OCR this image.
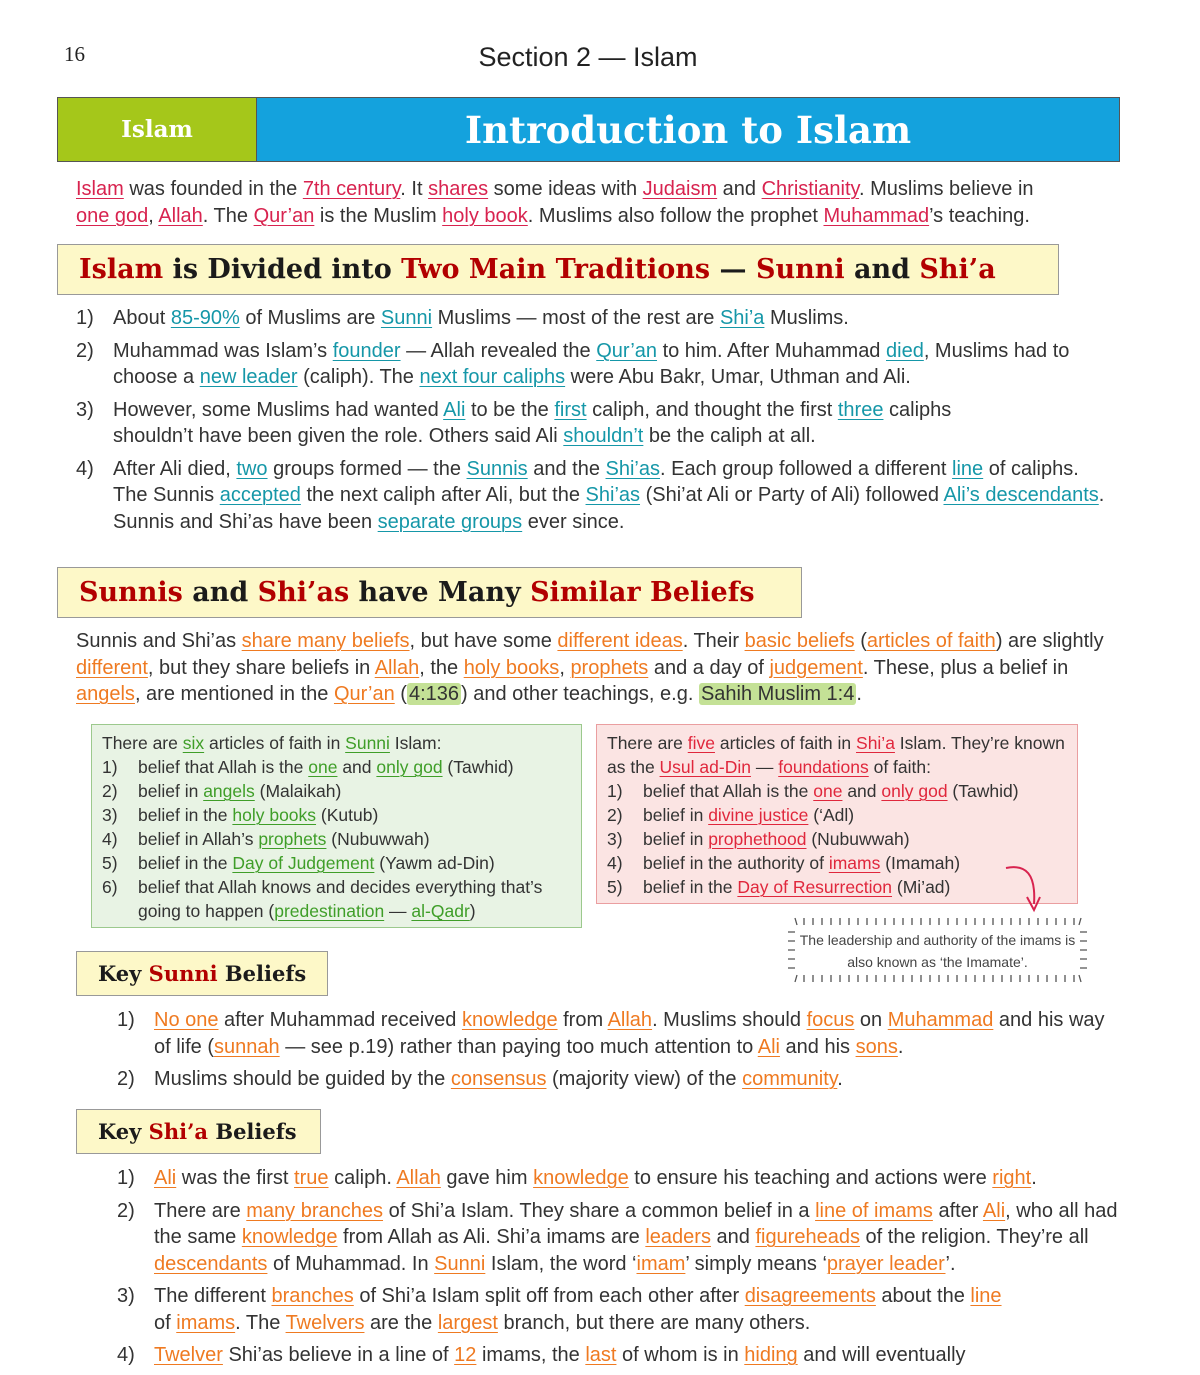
16	Section 2 — Islam
Islam	Introduction to Islam

Islam was founded in the 7th century. It shares some ideas with Judaism and Christianity. Muslims believe in
one god, Allah. The Qur’an is the Muslim holy book. Muslims also follow the prophet Muhammad’s teaching.

Islam is Divided into Two Main Traditions — Sunni and Shi’a
1) About 85-90% of Muslims are Sunni Muslims — most of the rest are Shi’a Muslims.
2) Muhammad was Islam’s founder — Allah revealed the Qur’an to him. After Muhammad died, Muslims had to choose a new leader (caliph). The next four caliphs were Abu Bakr, Umar, Uthman and Ali.
3) However, some Muslims had wanted Ali to be the first caliph, and thought the first three caliphs shouldn’t have been given the role. Others said Ali shouldn’t be the caliph at all.
4) After Ali died, two groups formed — the Sunnis and the Shi’as. Each group followed a different line of caliphs. The Sunnis accepted the next caliph after Ali, but the Shi’as (Shi’at Ali or Party of Ali) followed Ali’s descendants. Sunnis and Shi’as have been separate groups ever since.
Sunnis and Shi’as have Many Similar Beliefs

Sunnis and Shi’as share many beliefs, but have some different ideas. Their basic beliefs (articles of faith) are slightly different, but they share beliefs in Allah, the holy books, prophets and a day of judgement. These, plus a belief in angels, are mentioned in the Qur’an ( 4:136 ) and other teachings, e.g. Sahih Muslim 1:4 .

There are six articles of faith in Sunni Islam:

1) belief that Allah is the one and only god (Tawhid)
2) belief in angels (Malaikah)
3) belief in the holy books (Kutub)
4) belief in Allah’s prophets (Nubuwwah)
5) belief in the Day of Judgement (Yawm ad-Din)
6) belief that Allah knows and decides everything that’s going to happen (predestination — al-Qadr)

There are five articles of faith in Shi’a Islam. They’re known as the Usul ad-Din — foundations of faith:

1) belief that Allah is the one and only god (Tawhid)
2) belief in divine justice (‘Adl)
3) belief in prophethood (Nubuwwah)
4) belief in the authority of imams (Imamah)
5) belief in the Day of Resurrection (Mi’ad)
The leadership and authority of the imams is also known as ‘the Imamate’.
Key Sunni Beliefs
1) No one after Muhammad received knowledge from Allah. Muslims should focus on Muhammad and his way of life (sunnah — see p.19) rather than paying too much attention to Ali and his sons.
2) Muslims should be guided by the consensus (majority view) of the community.
Key Shi’a Beliefs
1) Ali was the first true caliph. Allah gave him knowledge to ensure his teaching and actions were right.
2) There are many branches of Shi’a Islam. They share a common belief in a line of imams after Ali, who all had the same knowledge from Allah as Ali. Shi’a imams are leaders and figureheads of the religion. They’re all descendants of Muhammad. In Sunni Islam, the word ‘imam’ simply means ‘prayer leader’.
3) The different branches of Shi’a Islam split off from each other after disagreements about the line of imams. The Twelvers are the largest branch, but there are many others.
4) Twelver Shi’as believe in a line of 12 imams, the last of whom is in hiding and will eventually
